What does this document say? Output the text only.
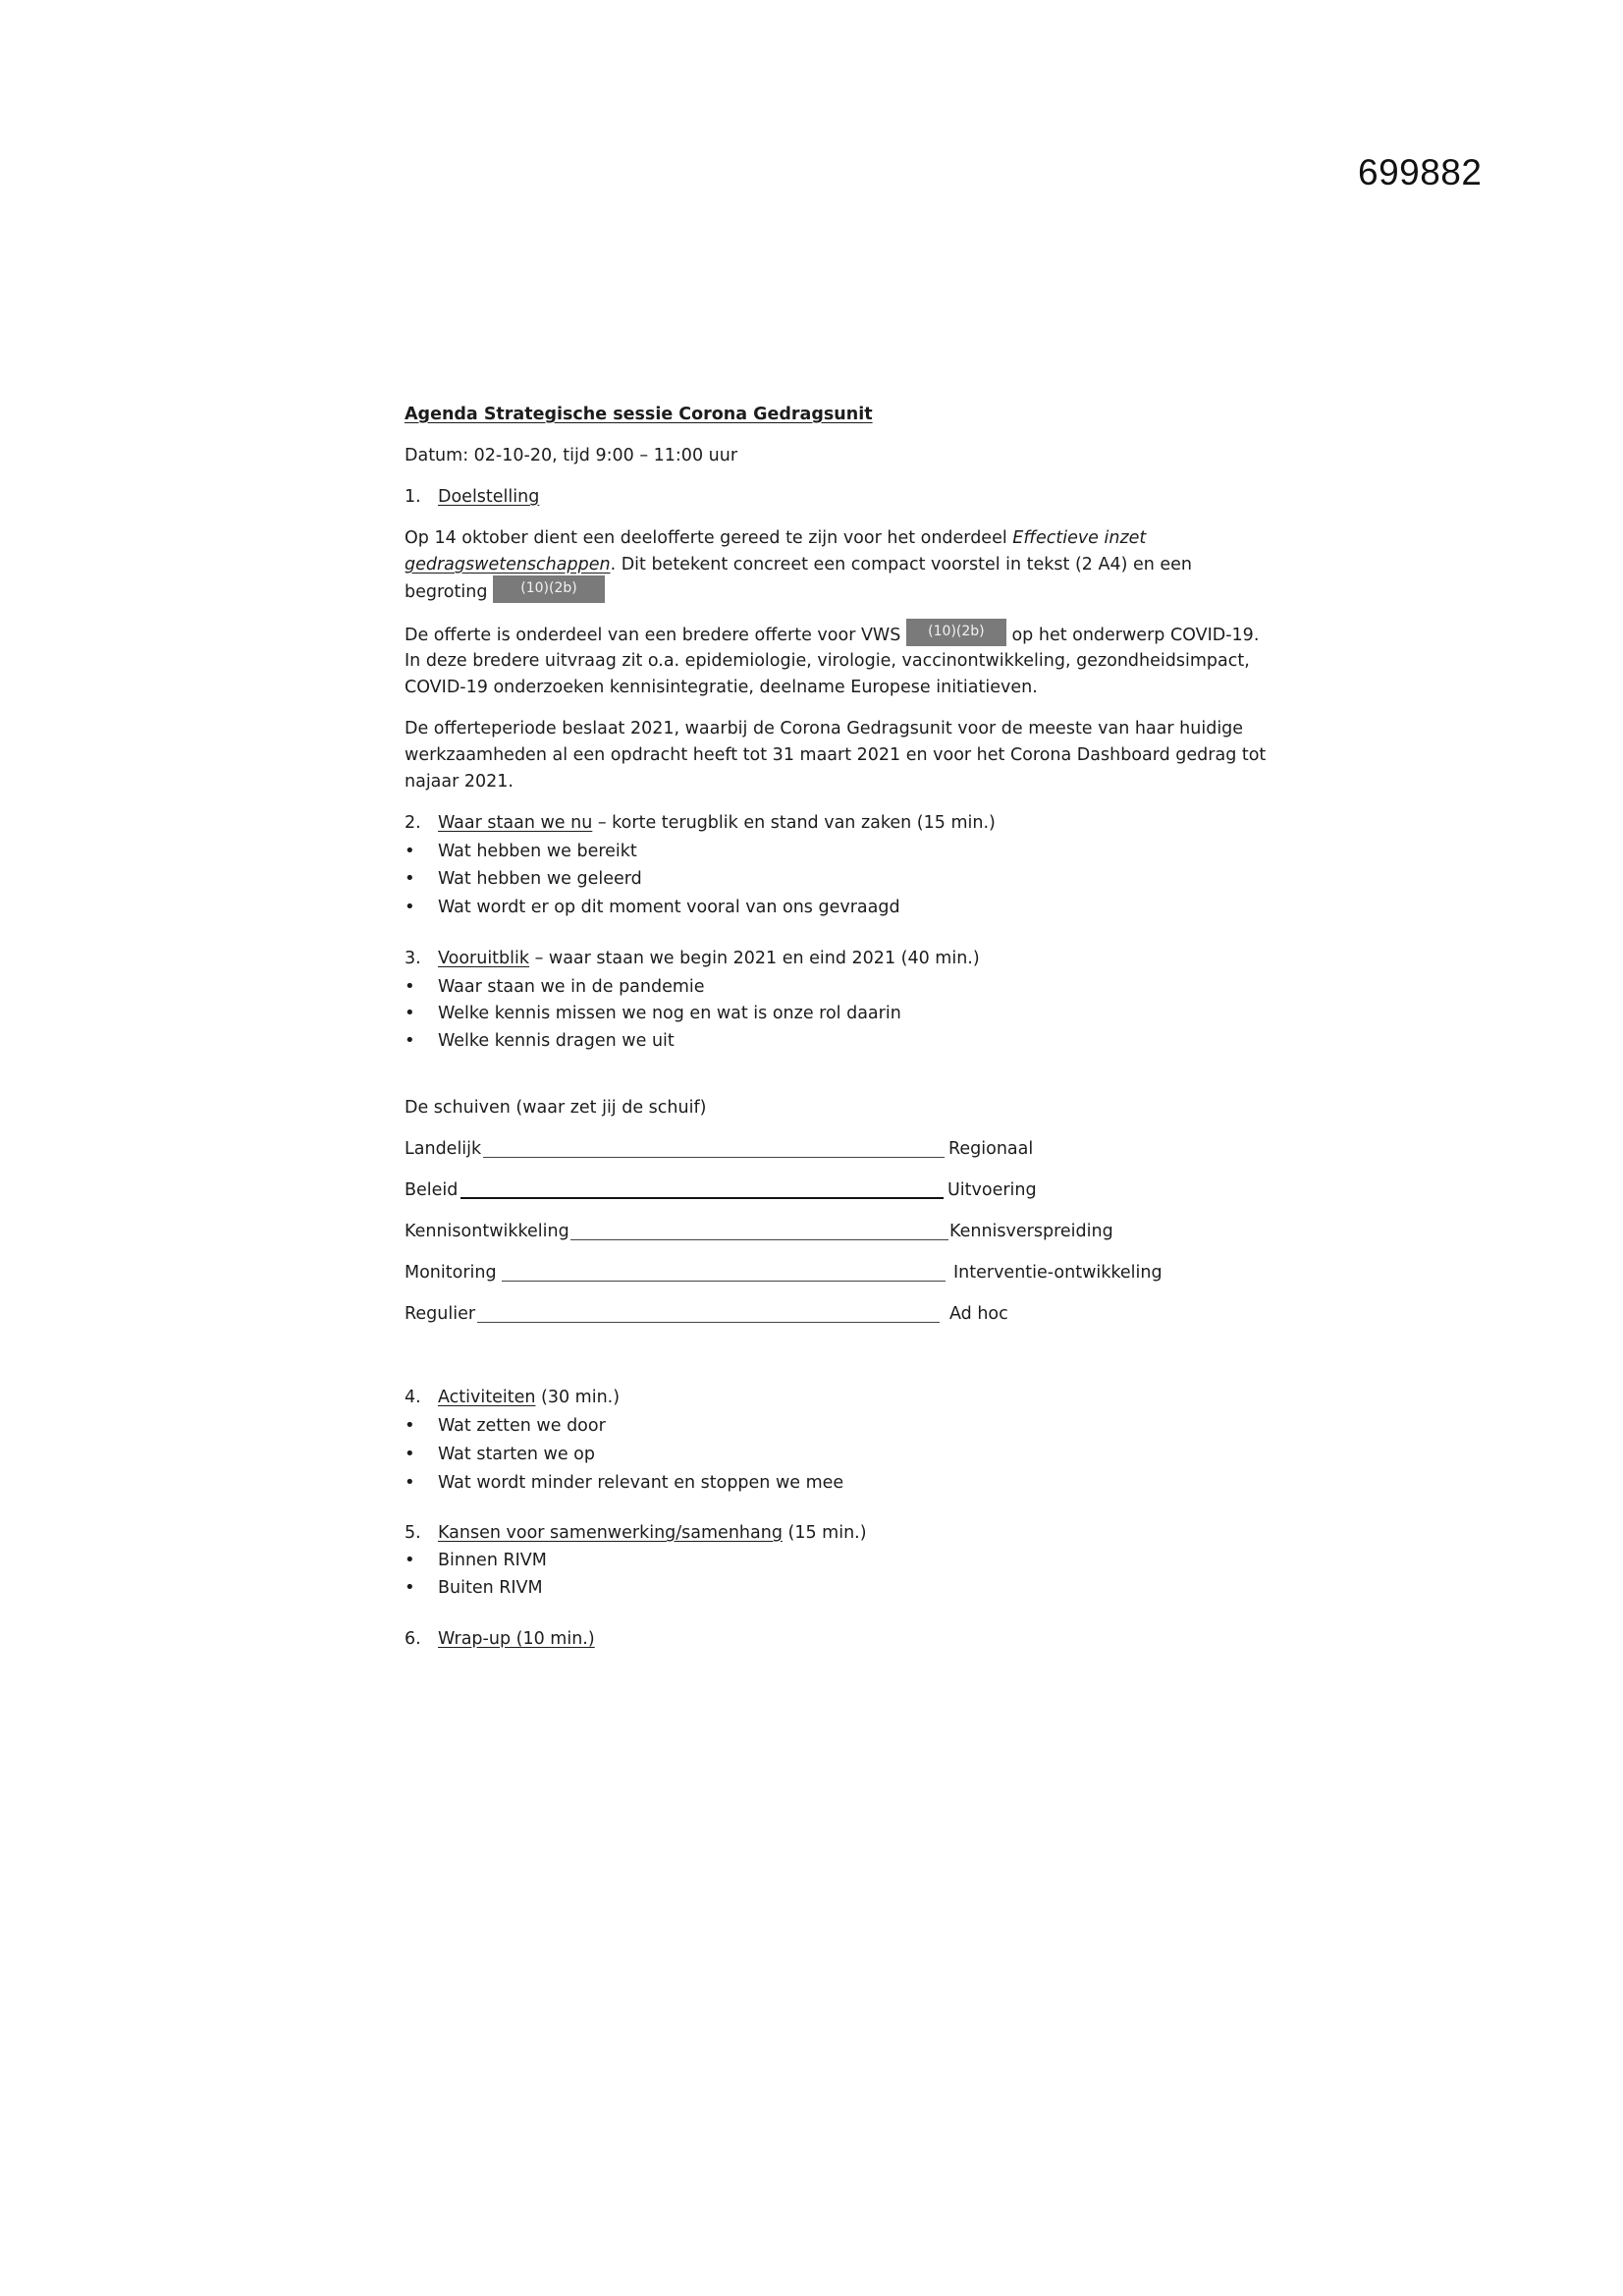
699882
Agenda Strategische sessie Corona Gedragsunit
Datum: 02-10-20, tijd 9:00 – 11:00 uur
1. Doelstelling
Op 14 oktober dient een deelofferte gereed te zijn voor het onderdeel Effectieve inzet
gedragswetenschappen. Dit betekent concreet een compact voorstel in tekst (2 A4) en een
begroting (10)(2b)
De offerte is onderdeel van een bredere offerte voor VWS (10)(2b) op het onderwerp COVID-19.
In deze bredere uitvraag zit o.a. epidemiologie, virologie, vaccinontwikkeling, gezondheidsimpact,
COVID-19 onderzoeken kennisintegratie, deelname Europese initiatieven.
De offerteperiode beslaat 2021, waarbij de Corona Gedragsunit voor de meeste van haar huidige
werkzaamheden al een opdracht heeft tot 31 maart 2021 en voor het Corona Dashboard gedrag tot
najaar 2021.
2. Waar staan we nu – korte terugblik en stand van zaken (15 min.)
•Wat hebben we bereikt
•Wat hebben we geleerd
•Wat wordt er op dit moment vooral van ons gevraagd
3. Vooruitblik – waar staan we begin 2021 en eind 2021 (40 min.)
•Waar staan we in de pandemie
•Welke kennis missen we nog en wat is onze rol daarin
•Welke kennis dragen we uit
De schuiven (waar zet jij de schuif)
Landelijk	Regionaal
Beleid	Uitvoering
Kennisontwikkeling	Kennisverspreiding
Monitoring	Interventie-ontwikkeling
Regulier	Ad hoc
4. Activiteiten (30 min.)
•Wat zetten we door
•Wat starten we op
•Wat wordt minder relevant en stoppen we mee
5. Kansen voor samenwerking/samenhang (15 min.)
•Binnen RIVM
•Buiten RIVM
6. Wrap-up (10 min.)
